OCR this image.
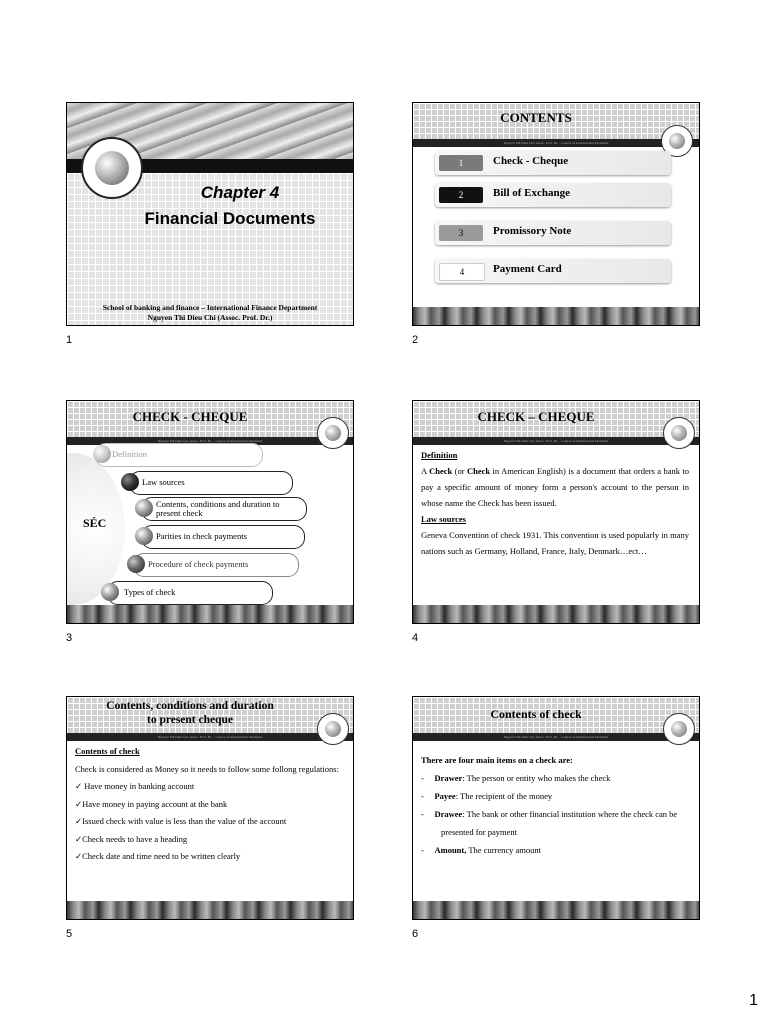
Chapter 4
Financial Documents
School of banking and finance – International Finance Department
Nguyen Thi Dieu Chi (Assoc. Prof. Dr.)
1
CONTENTS
Nguyen Thi Dieu Chi, Assoc. Prof. Dr. – Course of International Payments
1	Check - Cheque
2	Bill of Exchange
3	Promissory Note
4	Payment Card
2
CHECK - CHEQUE
Nguyen Thi Dieu Chi, Assoc. Prof. Dr. – Course of International Payments
SÉC
Definition
Law sources
Contents, conditions and duration to present check
Parities in check payments
Procedure of check payments
Types of check
3
CHECK – CHEQUE
Nguyen Thi Dieu Chi, Assoc. Prof. Dr. – Course of International Payments
Definition
A Check (or Check in American English) is a document that orders a bank to pay a specific amount of money form a person's account to the person in whose name the Check has been issued.
Law sources
Geneva Convention of check 1931. This convention is used popularly in many nations such as Germany, Holland, France, Italy, Denmark…ect…
4
Contents, conditions and duration
to present cheque
Nguyen Thi Dieu Chi, Assoc. Prof. Dr. – Course of International Payments
Contents of check
Check is considered as Money so it needs to follow some follong regulations:
✓ Have money in banking account
✓Have money in paying account at the bank
✓Issued check with value is less than the value of the account
✓Check needs to have a heading
✓Check date and time need to be written clearly
5
Contents of check
Nguyen Thi Dieu Chi, Assoc. Prof. Dr. – Course of International Payments
There are four main items on a check are:
-     Drawer: The person or entity who makes the check
-     Payee: The recipient of the money
-     Drawee: The bank or other financial institution where the check can be presented for payment
-     Amount, The currency amount
6
1
